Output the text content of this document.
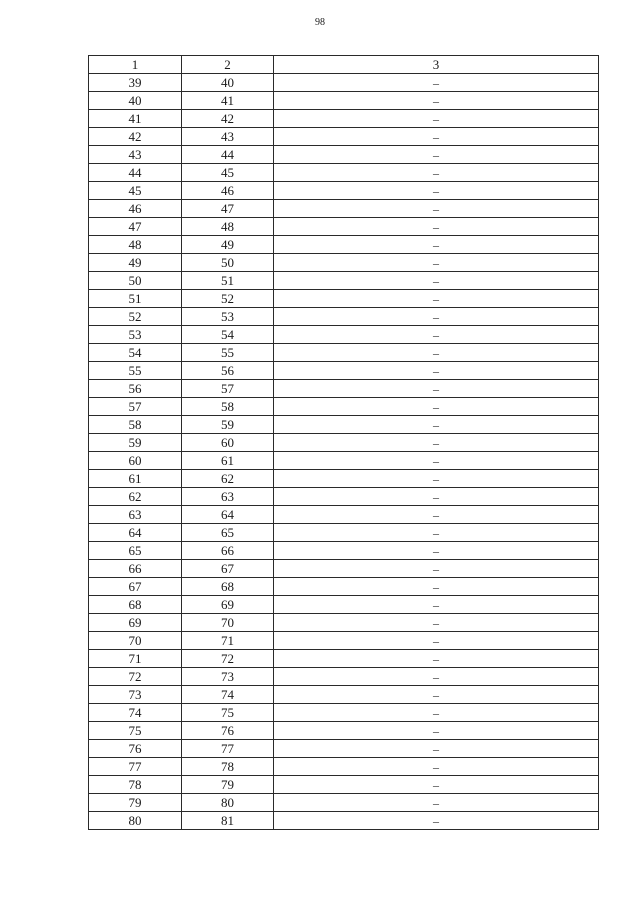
98
1	2	3
39	40	–
40	41	–
41	42	–
42	43	–
43	44	–
44	45	–
45	46	–
46	47	–
47	48	–
48	49	–
49	50	–
50	51	–
51	52	–
52	53	–
53	54	–
54	55	–
55	56	–
56	57	–
57	58	–
58	59	–
59	60	–
60	61	–
61	62	–
62	63	–
63	64	–
64	65	–
65	66	–
66	67	–
67	68	–
68	69	–
69	70	–
70	71	–
71	72	–
72	73	–
73	74	–
74	75	–
75	76	–
76	77	–
77	78	–
78	79	–
79	80	–
80	81	–
